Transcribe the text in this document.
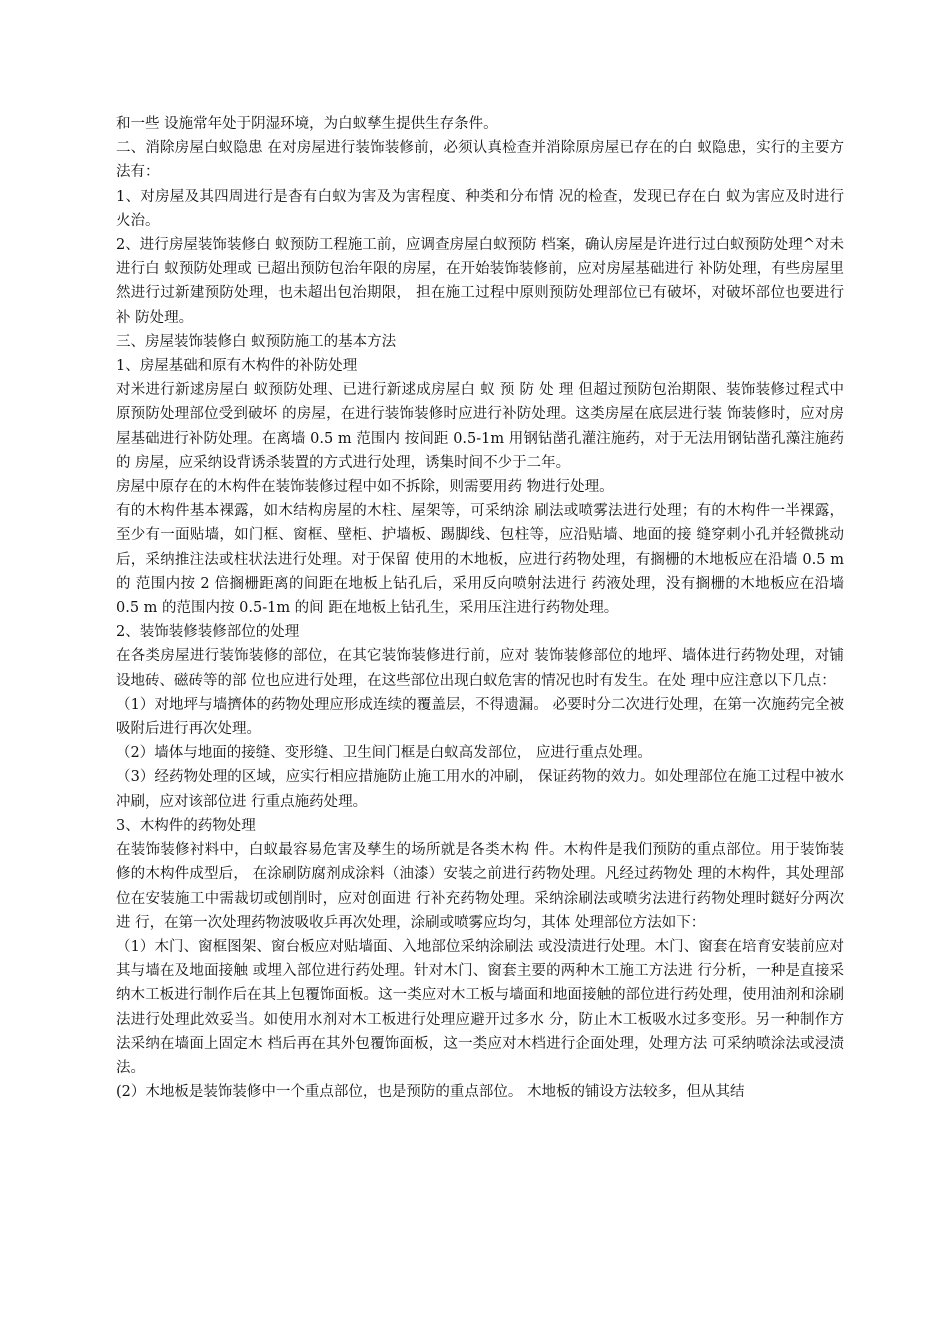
和一些 设施常年处于阴湿环境，为白蚁孳生提供生存条件。

二、消除房屋白蚁隐患 在对房屋进行装饰装修前，必须认真检查并消除原房屋已存在的白 蚁隐患，实行的主要方法有：

1、对房屋及其四周进行是杳有白蚁为害及为害程度、种类和分布情 况的检查，发现已存在白 蚁为害应及时进行火治。

2、进行房屋装饰装修白 蚁预防工程施工前，应调查房屋白蚁预防 档案，确认房屋是许进行过白蚁预防处理^对未进行白 蚁预防处理或 已超出预防包治年限的房屋，在开始装饰装修前，应对房屋基础进行 补防处理，有些房屋里然进行过新建预防处理，也未超出包治期限， 担在施工过程中原则预防处理部位已有破坏，对破坏部位也要进行补 防处理。

三、房屋装饰装修白 蚁预防施工的基本方法

1、房屋基础和原有木构件的补防处理

对米进行新逑房屋白 蚁预防处理、已进行新逑成房屋白 蚁 预 防 处 理 但超过预防包治期限、装饰装修过程式中原预防处理部位受到破坏 的房屋，在进行装饰装修时应进行补防处理。这类房屋在底层进行装 饰装修时，应对房屋基础进行补防处理。在离墙 0.5 m 范围内 按间距 0.5-1m 用钢钻凿孔灌注施药，对于无法用钢钻凿孔藻注施药的 房屋，应采纳设背诱杀装置的方式进行处理，诱集时间不少于二年。

房屋中原存在的木构件在装饰装修过程中如不拆除，则需要用药 物进行处理。

有的木构件基本裸露，如木结构房屋的木柱、屋架等，可采纳涂 刷法或喷雾法进行处理；有的木构件一半裸露，至少有一面贴墙，如门框、窗框、壁柜、护墙板、踢脚线、包柱等，应沿贴墙、地面的接 缝穿刺小孔并轻微挑动后，采纳推注法或柱状法进行处理。对于保留 使用的木地板，应进行药物处理，有搁栅的木地板应在沿墙 0.5 m 的 范围内按 2 倍搁栅距离的间距在地板上钻孔后，采用反向喷射法进行 药液处理，没有搁栅的木地板应在沿墙 0.5 m 的范围内按 0.5-1m 的间 距在地板上钻孔生，采用压注进行药物处理。

2、装饰装修装修部位的处理

在各类房屋进行装饰装修的部位，在其它装饰装修进行前，应对 装饰装修部位的地坪、墙体进行药物处理，对铺设地砖、磁砖等的部 位也应进行处理，在这些部位出现白蚁危害的情况也时有发生。在处 理中应注意以下几点：

（1）对地坪与墙擠体的药物处理应形成连续的覆盖层，不得遗漏。 必要时分二次进行处理，在第一次施药完全被吸附后进行再次处理。

（2）墙体与地面的接缝、变形缝、卫生间门框是白蚁高发部位， 应进行重点处理。

（3）经药物处理的区域，应实行相应措施防止施工用水的冲刷， 保证药物的效力。如处理部位在施工过程中被水冲刷，应对该部位进 行重点施药处理。

3、木构件的药物处理

在装饰装修衬料中，白蚁最容易危害及孳生的场所就是各类木构 件。木构件是我们预防的重点部位。用于装饰装修的木构件成型后， 在涂刷防腐剂成涂料（油漆）安装之前进行药物处理。凡经过药物处 理的木构件，其处理部位在安装施工中需裁切或刨削时，应对创面进 行补充药物处理。采纳涂刷法或喷劣法进行药物处理时鎹好分两次进 行，在第一次处理药物波吸收乒再次处理，涂刷或喷雾应均匀，其体 处理部位方法如下：

（1）木门、窗框图架、窗台板应对贴墙面、入地部位采纳涂刷法 或没渍进行处理。木门、窗套在培育安装前应对其与墙在及地面接触 或埋入部位进行药处理。针对木门、窗套主要的两种木工施工方法进 行分析，一种是直接采纳木工板进行制作后在其上包覆饰面板。这一类应对木工板与墙面和地面接触的部位进行药处理，使用油剂和涂刷 法进行处理此效妥当。如使用水剂对木工板进行处理应避开过多水 分，防止木工板吸水过多变形。另一种制作方法采纳在墙面上固定木 档后再在其外包覆饰面板，这一类应对木档进行企面处理，处理方法 可采纳喷涂法或浸渍法。

(2）木地板是装饰装修中一个重点部位，也是预防的重点部位。 木地板的铺设方法较多，但从其结
